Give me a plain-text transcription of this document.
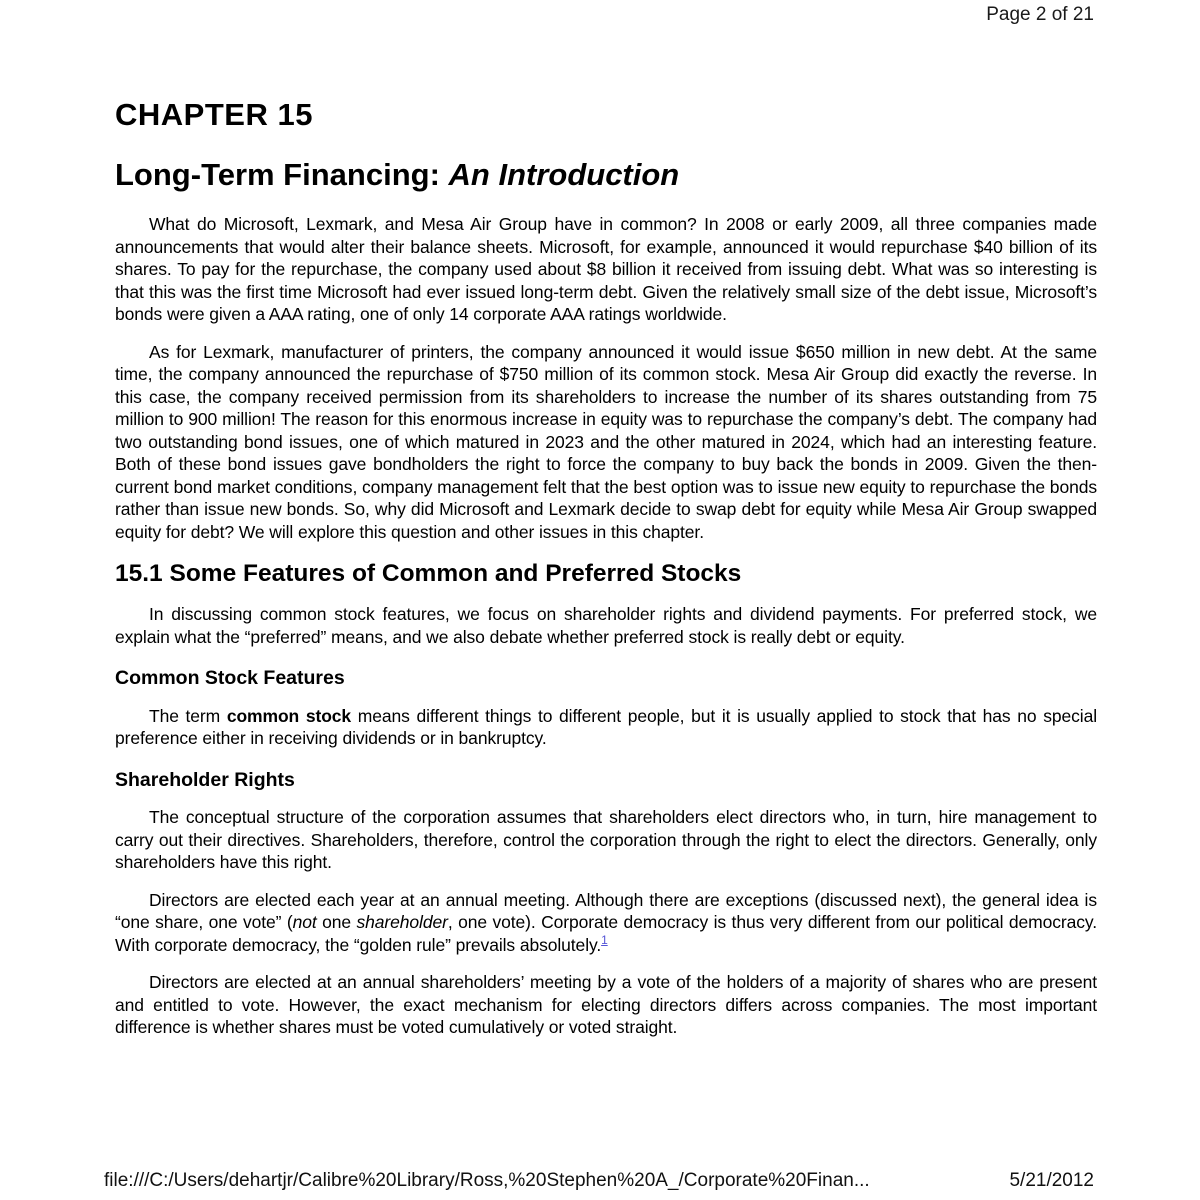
Page 2 of 21
CHAPTER 15
Long-Term Financing: An Introduction

What do Microsoft, Lexmark, and Mesa Air Group have in common? In 2008 or early 2009, all three companies made announcements that would alter their balance sheets. Microsoft, for example, announced it would repurchase $40 billion of its shares. To pay for the repurchase, the company used about $8 billion it received from issuing debt. What was so interesting is that this was the first time Microsoft had ever issued long-term debt. Given the relatively small size of the debt issue, Microsoft’s bonds were given a AAA rating, one of only 14 corporate AAA ratings worldwide.

As for Lexmark, manufacturer of printers, the company announced it would issue $650 million in new debt. At the same time, the company announced the repurchase of $750 million of its common stock. Mesa Air Group did exactly the reverse. In this case, the company received permission from its shareholders to increase the number of its shares outstanding from 75 million to 900 million! The reason for this enormous increase in equity was to repurchase the company’s debt. The company had two outstanding bond issues, one of which matured in 2023 and the other matured in 2024, which had an interesting feature. Both of these bond issues gave bondholders the right to force the company to buy back the bonds in 2009. Given the then-current bond market conditions, company management felt that the best option was to issue new equity to repurchase the bonds rather than issue new bonds. So, why did Microsoft and Lexmark decide to swap debt for equity while Mesa Air Group swapped equity for debt? We will explore this question and other issues in this chapter.

15.1 Some Features of Common and Preferred Stocks

In discussing common stock features, we focus on shareholder rights and dividend payments. For preferred stock, we explain what the “preferred” means, and we also debate whether preferred stock is really debt or equity.

Common Stock Features

The term common stock means different things to different people, but it is usually applied to stock that has no special preference either in receiving dividends or in bankruptcy.

Shareholder Rights

The conceptual structure of the corporation assumes that shareholders elect directors who, in turn, hire management to carry out their directives. Shareholders, therefore, control the corporation through the right to elect the directors. Generally, only shareholders have this right.

Directors are elected each year at an annual meeting. Although there are exceptions (discussed next), the general idea is “one share, one vote” (not one shareholder, one vote). Corporate democracy is thus very different from our political democracy. With corporate democracy, the “golden rule” prevails absolutely.$^1$

Directors are elected at an annual shareholders’ meeting by a vote of the holders of a majority of shares who are present and entitled to vote. However, the exact mechanism for electing directors differs across companies. The most important difference is whether shares must be voted cumulatively or voted straight.

file:///C:/Users/dehartjr/Calibre%20Library/Ross,%20Stephen%20A_/Corporate%20Finan...	5/21/2012
